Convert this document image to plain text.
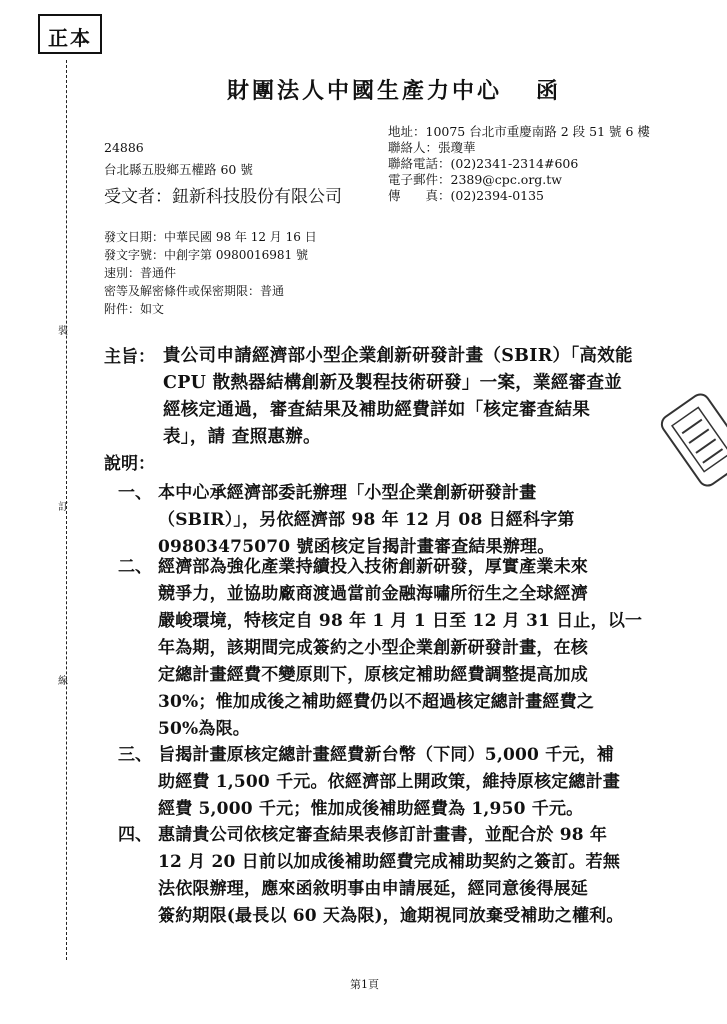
正本
裝
訂
線
財團法人中國生產力中心 函
地址：10075 台北市重慶南路 2 段 51 號 6 樓
聯絡人：張瓊華
聯絡電話：(02)2341-2314#606
電子郵件：2389@cpc.org.tw
傳　　真：(02)2394-0135
24886
台北縣五股鄉五權路 60 號
受文者：鈕新科技股份有限公司
發文日期：中華民國 98 年 12 月 16 日
發文字號：中創字第 0980016981 號
速別：普通件
密等及解密條件或保密期限：普通
附件：如文
主旨： 貴公司申請經濟部小型企業創新研發計畫（SBIR）「高效能
CPU 散熱器結構創新及製程技術研發」一案，業經審查並
經核定通過，審查結果及補助經費詳如「核定審查結果
表」，請 查照惠辦。
說明：
一、 本中心承經濟部委託辦理「小型企業創新研發計畫
（SBIR）」，另依經濟部 98 年 12 月 08 日經科字第
09803475070 號函核定旨揭計畫審查結果辦理。
二、 經濟部為強化產業持續投入技術創新研發，厚實產業未來
競爭力，並協助廠商渡過當前金融海嘯所衍生之全球經濟
嚴峻環境，特核定自 98 年 1 月 1 日至 12 月 31 日止，以一
年為期，該期間完成簽約之小型企業創新研發計畫，在核
定總計畫經費不變原則下，原核定補助經費調整提高加成
30%；惟加成後之補助經費仍以不超過核定總計畫經費之
50%為限。
三、 旨揭計畫原核定總計畫經費新台幣（下同）5,000 千元，補
助經費 1,500 千元。依經濟部上開政策，維持原核定總計畫
經費 5,000 千元；惟加成後補助經費為 1,950 千元。
四、 惠請貴公司依核定審查結果表修訂計畫書，並配合於 98 年
12 月 20 日前以加成後補助經費完成補助契約之簽訂。若無
法依限辦理，應來函敘明事由申請展延，經同意後得展延
簽約期限(最長以 60 天為限)，逾期視同放棄受補助之權利。
第1頁
